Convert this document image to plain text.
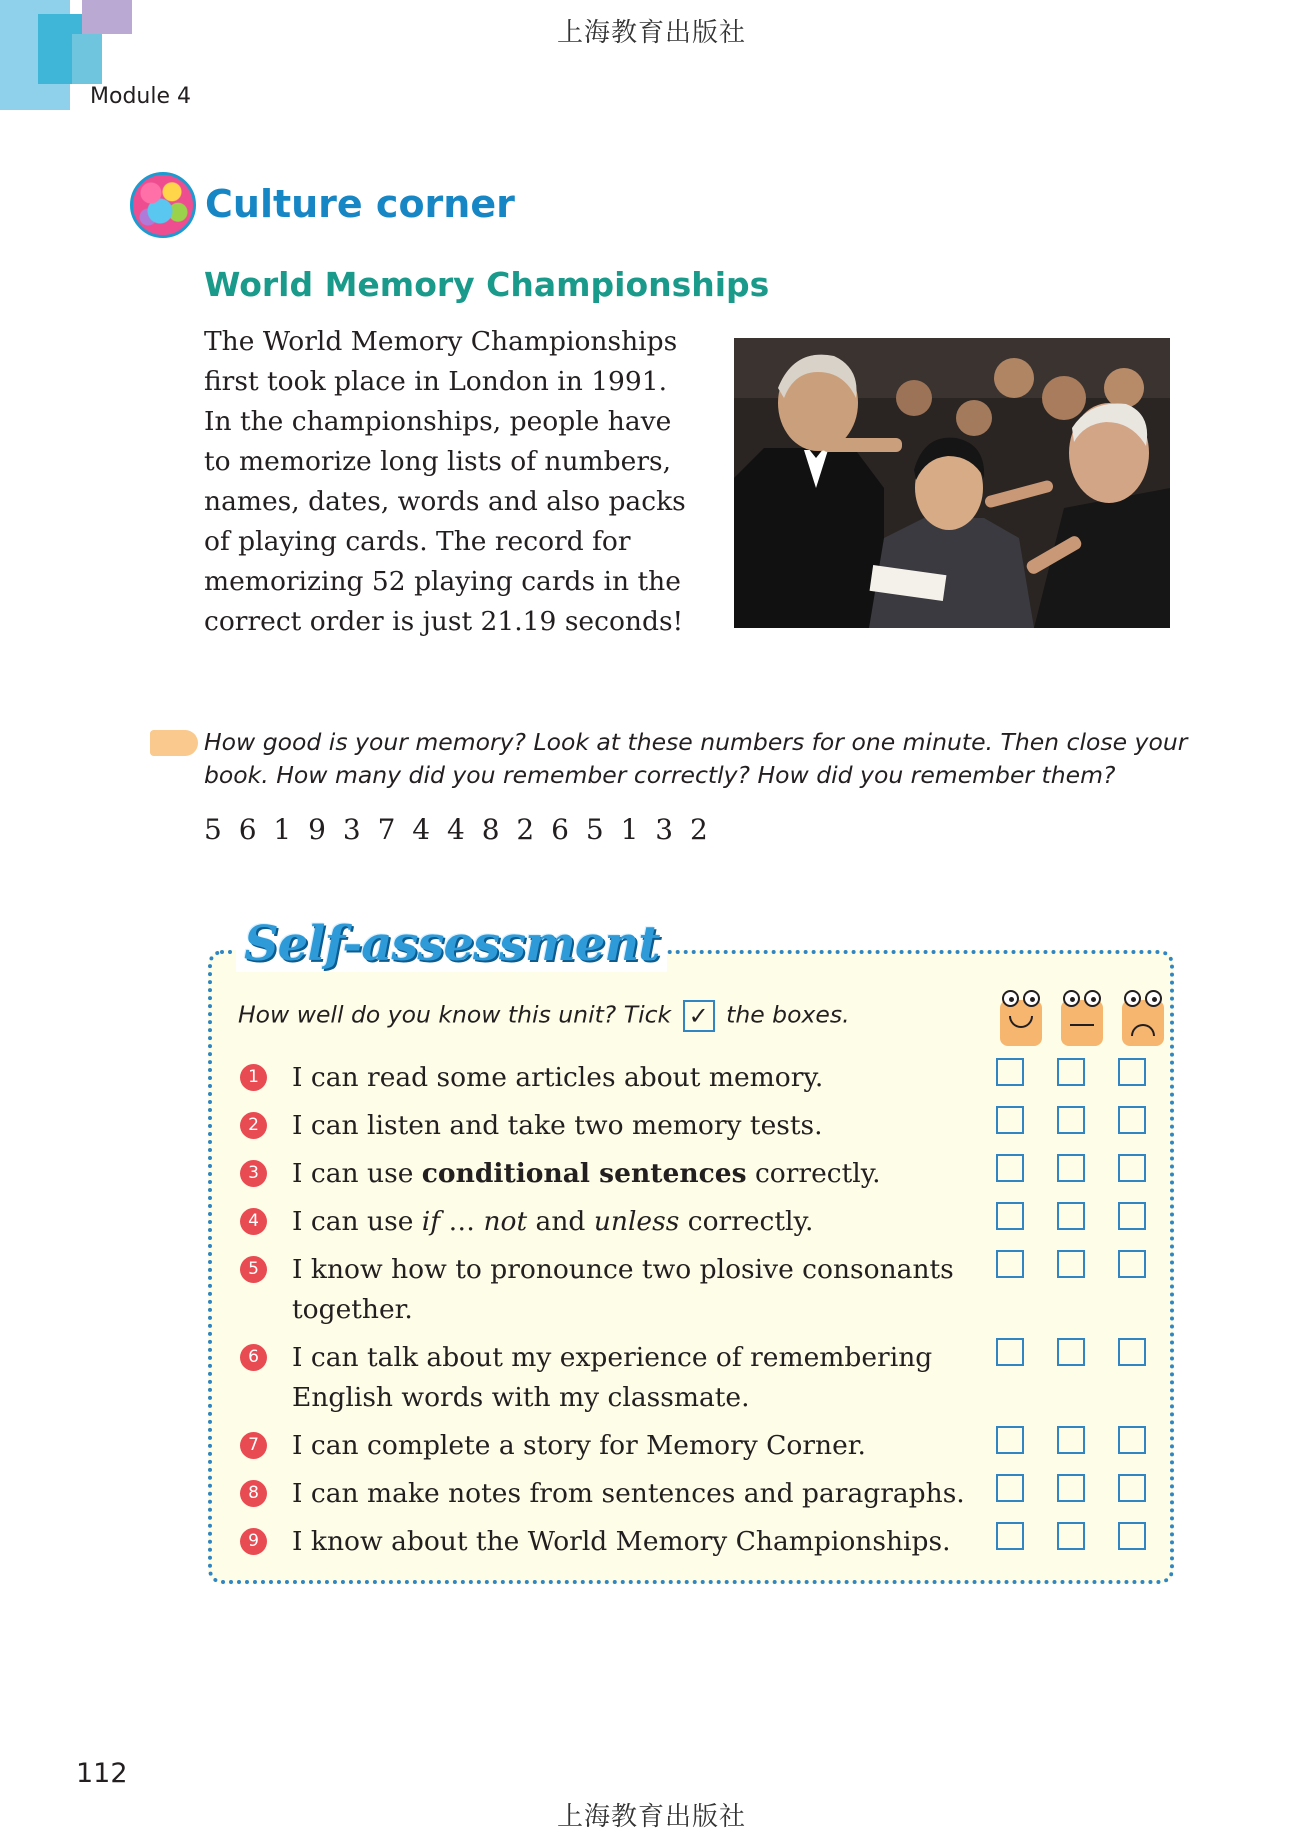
上海教育出版社
Module 4
Culture corner
World Memory Championships
The World Memory Championships
first took place in London in 1991.
In the championships, people have
to memorize long lists of numbers,
names, dates, words and also packs
of playing cards. The record for
memorizing 52 playing cards in the
correct order is just 21.19 seconds!
How good is your memory? Look at these numbers for one minute. Then close your
book. How many did you remember correctly? How did you remember them?
5 6 1 9 3 7 4 4 8 2 6 5 1 3 2
Self-assessment
How well do you know this unit? Tick ✓ the boxes.
1	I can read some articles about memory.
2	I can listen and take two memory tests.
3	I can use conditional sentences correctly.
4	I can use if … not and unless correctly.
5	I know how to pronounce two plosive consonants
together.
6	I can talk about my experience of remembering
English words with my classmate.
7	I can complete a story for Memory Corner.
8	I can make notes from sentences and paragraphs.
9	I know about the World Memory Championships.
112
上海教育出版社
